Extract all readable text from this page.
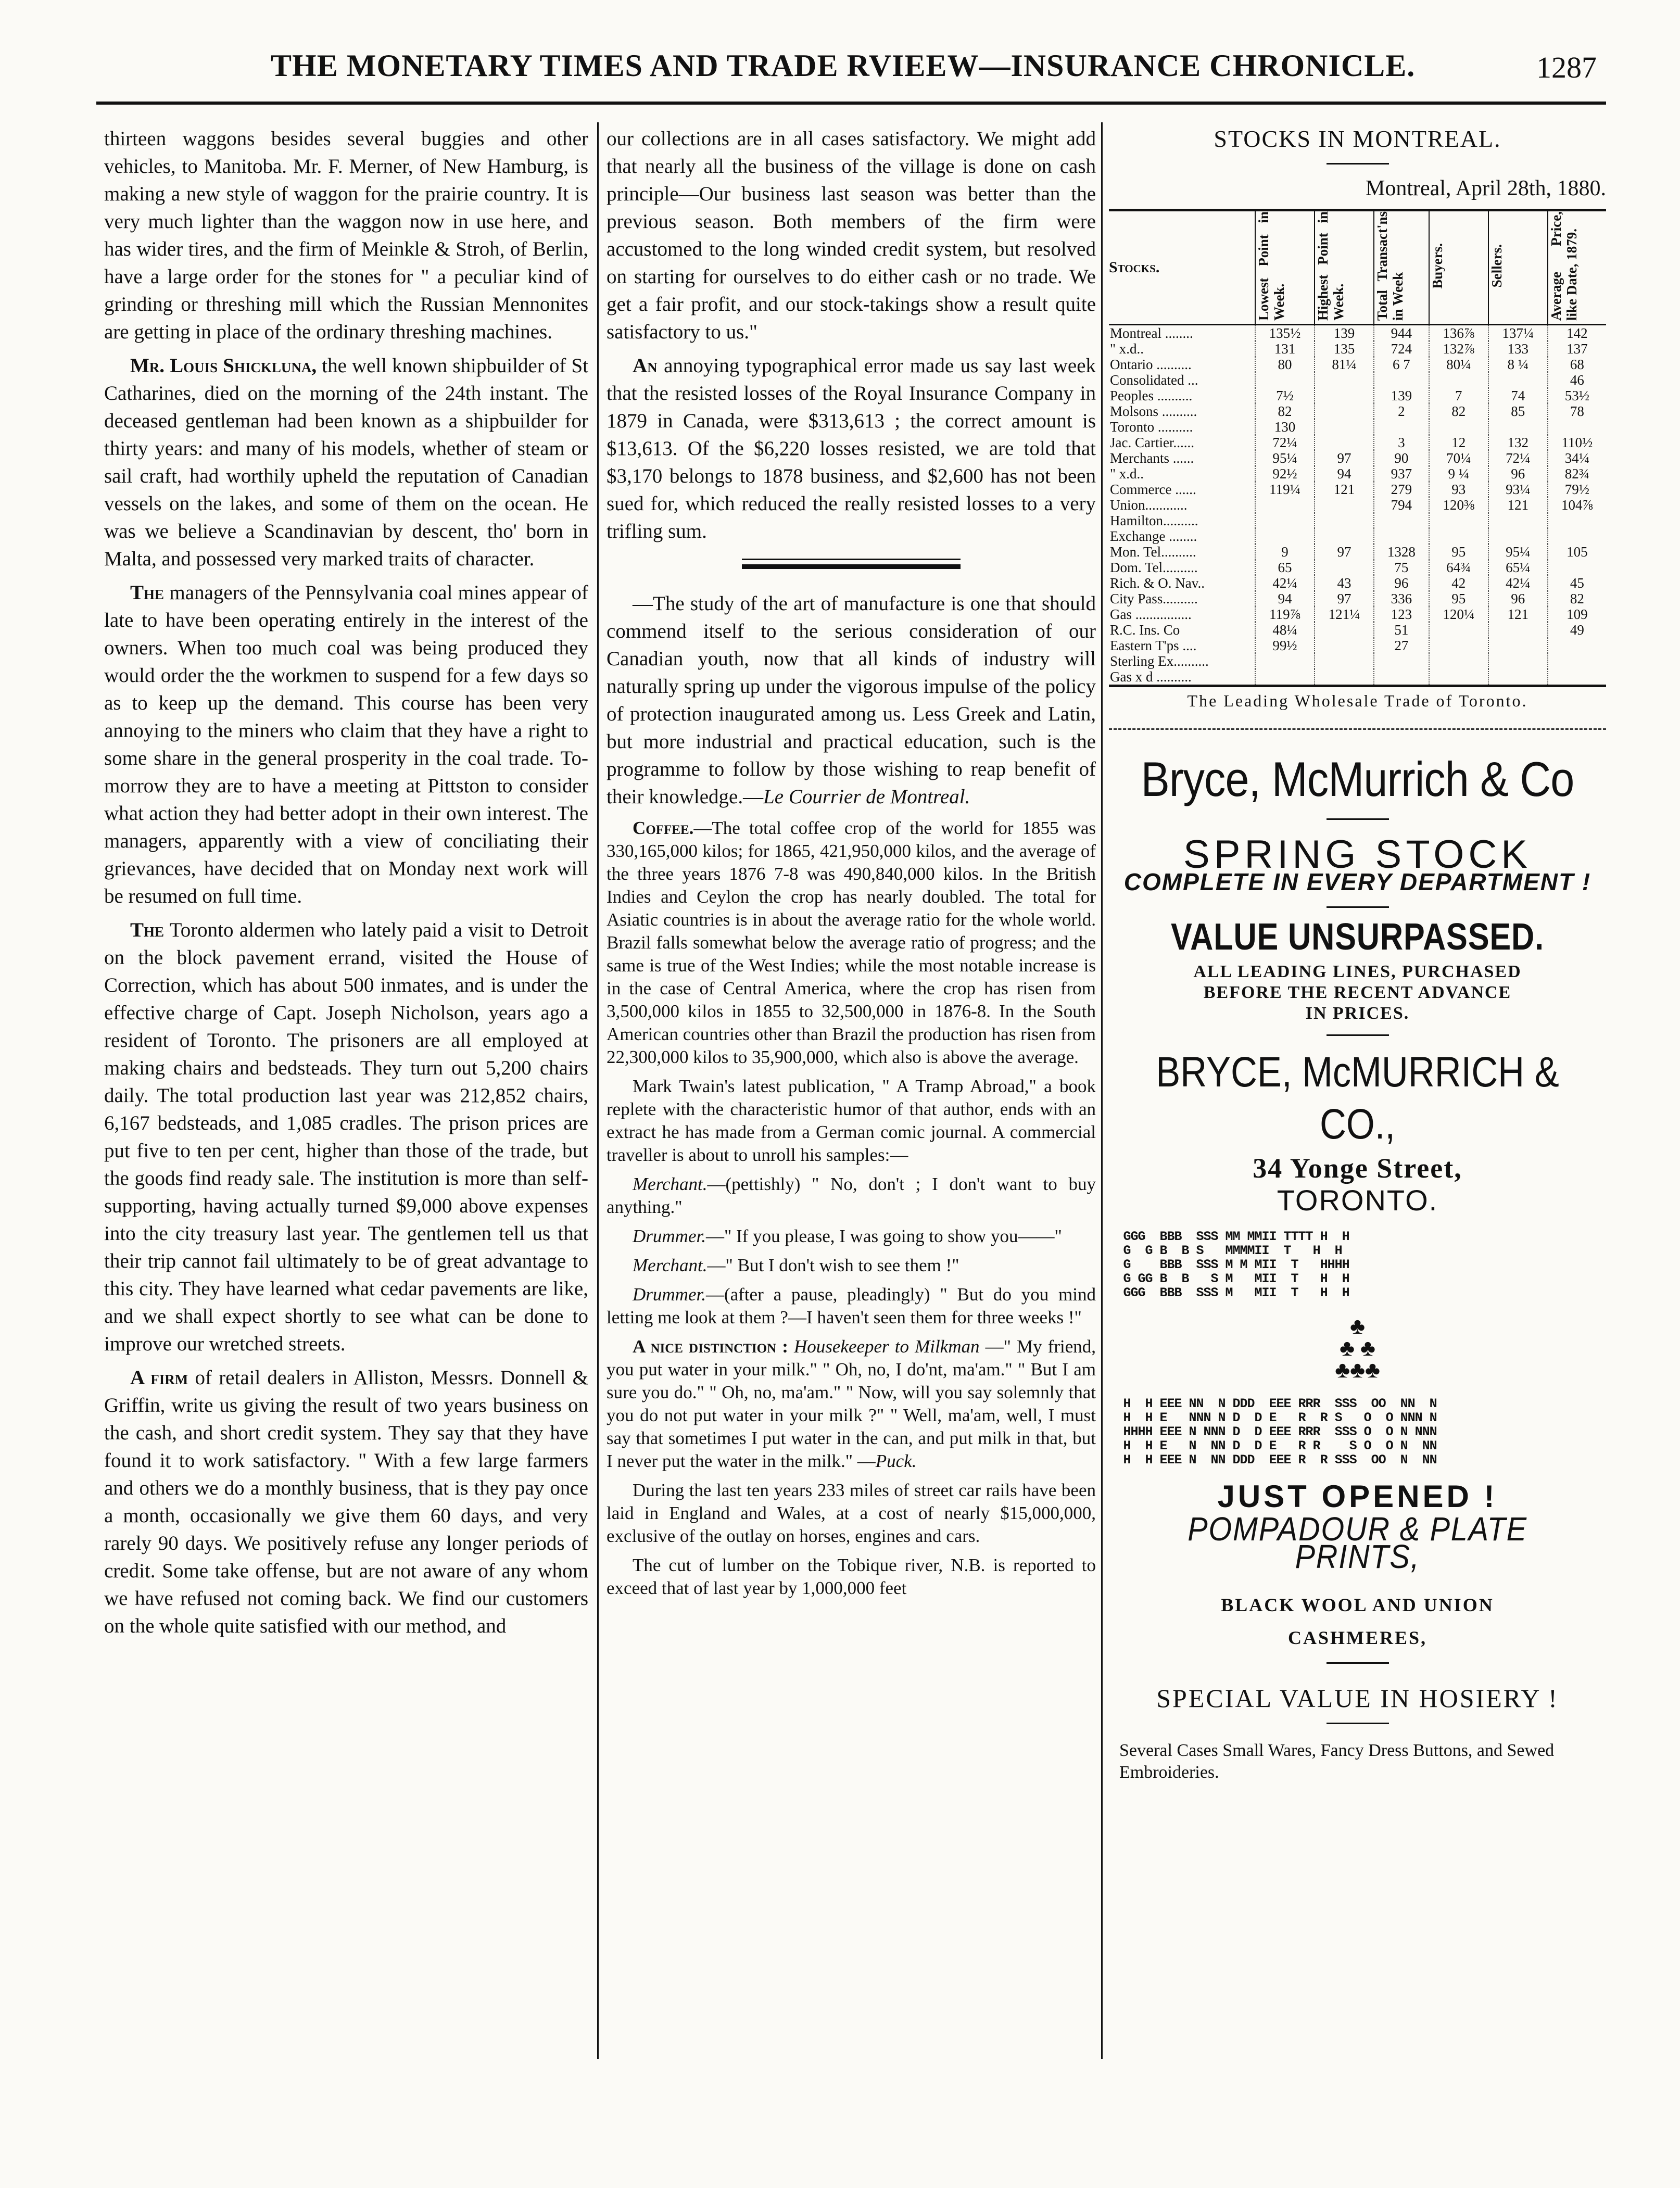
THE MONETARY TIMES AND TRADE RVIEEW—INSURANCE CHRONICLE.	1287

thirteen waggons besides several buggies and other vehicles, to Manitoba. Mr. F. Merner, of New Hamburg, is making a new style of waggon for the prairie country. It is very much lighter than the waggon now in use here, and has wider tires, and the firm of Meinkle & Stroh, of Berlin, have a large order for the stones for " a peculiar kind of grinding or threshing mill which the Russian Mennonites are getting in place of the ordinary threshing machines.

Mr. Louis Shickluna, the well known shipbuilder of St Catharines, died on the morning of the 24th instant. The deceased gentleman had been known as a shipbuilder for thirty years: and many of his models, whether of steam or sail craft, had worthily upheld the reputation of Canadian vessels on the lakes, and some of them on the ocean. He was we believe a Scandinavian by descent, tho' born in Malta, and possessed very marked traits of character.

The managers of the Pennsylvania coal mines appear of late to have been operating entirely in the interest of the owners. When too much coal was being produced they would order the the workmen to suspend for a few days so as to keep up the demand. This course has been very annoying to the miners who claim that they have a right to some share in the general prosperity in the coal trade. To-morrow they are to have a meeting at Pittston to consider what action they had better adopt in their own interest. The managers, apparently with a view of conciliating their grievances, have decided that on Monday next work will be resumed on full time.

The Toronto aldermen who lately paid a visit to Detroit on the block pavement errand, visited the House of Correction, which has about 500 inmates, and is under the effective charge of Capt. Joseph Nicholson, years ago a resident of Toronto. The prisoners are all employed at making chairs and bedsteads. They turn out 5,200 chairs daily. The total production last year was 212,852 chairs, 6,167 bedsteads, and 1,085 cradles. The prison prices are put five to ten per cent, higher than those of the trade, but the goods find ready sale. The institution is more than self-supporting, having actually turned $9,000 above expenses into the city treasury last year. The gentlemen tell us that their trip cannot fail ultimately to be of great advantage to this city. They have learned what cedar pavements are like, and we shall expect shortly to see what can be done to improve our wretched streets.

A firm of retail dealers in Alliston, Messrs. Donnell & Griffin, write us giving the result of two years business on the cash, and short credit system. They say that they have found it to work satisfactory. " With a few large farmers and others we do a monthly business, that is they pay once a month, occasionally we give them 60 days, and very rarely 90 days. We positively refuse any longer periods of credit. Some take offense, but are not aware of any whom we have refused not coming back. We find our customers on the whole quite satisfied with our method, and

our collections are in all cases satisfactory. We might add that nearly all the business of the village is done on cash principle—Our business last season was better than the previous season. Both members of the firm were accustomed to the long winded credit system, but resolved on starting for ourselves to do either cash or no trade. We get a fair profit, and our stock-takings show a result quite satisfactory to us."

An annoying typographical error made us say last week that the resisted losses of the Royal Insurance Company in 1879 in Canada, were $313,613 ; the correct amount is $13,613. Of the $6,220 losses resisted, we are told that $3,170 belongs to 1878 business, and $2,600 has not been sued for, which reduced the really resisted losses to a very trifling sum.

—The study of the art of manufacture is one that should commend itself to the serious consideration of our Canadian youth, now that all kinds of industry will naturally spring up under the vigorous impulse of the policy of protection inaugurated among us. Less Greek and Latin, but more industrial and practical education, such is the programme to follow by those wishing to reap benefit of their knowledge.—Le Courrier de Montreal.

Coffee.—The total coffee crop of the world for 1855 was 330,165,000 kilos; for 1865, 421,950,000 kilos, and the average of the three years 1876 7-8 was 490,840,000 kilos. In the British Indies and Ceylon the crop has nearly doubled. The total for Asiatic countries is in about the average ratio for the whole world. Brazil falls somewhat below the average ratio of progress; and the same is true of the West Indies; while the most notable increase is in the case of Central America, where the crop has risen from 3,500,000 kilos in 1855 to 32,500,000 in 1876-8. In the South American countries other than Brazil the production has risen from 22,300,000 kilos to 35,900,000, which also is above the average.

Mark Twain's latest publication, " A Tramp Abroad," a book replete with the characteristic humor of that author, ends with an extract he has made from a German comic journal. A commercial traveller is about to unroll his samples:—

Merchant.—(pettishly) " No, don't ; I don't want to buy anything."

Drummer.—" If you please, I was going to show you——"

Merchant.—" But I don't wish to see them !"

Drummer.—(after a pause, pleadingly) " But do you mind letting me look at them ?—I haven't seen them for three weeks !"

A nice distinction : Housekeeper to Milkman —" My friend, you put water in your milk." " Oh, no, I do'nt, ma'am." " But I am sure you do." " Oh, no, ma'am." " Now, will you say solemnly that you do not put water in your milk ?" " Well, ma'am, well, I must say that sometimes I put water in the can, and put milk in that, but I never put the water in the milk." —Puck.

During the last ten years 233 miles of street car rails have been laid in England and Wales, at a cost of nearly $15,000,000, exclusive of the outlay on horses, engines and cars.

The cut of lumber on the Tobique river, N.B. is reported to exceed that of last year by 1,000,000 feet

STOCKS IN MONTREAL.

Montreal, April 28th, 1880.

Stocks.	Lowest Point in Week.	Highest Point in Week.	Total Transact'ns in Week	Buyers.	Sellers.	Average Price, like Date, 1879.
Montreal ........	135½	139	944	136⅞	137¼	142
" x.d..	131	135	724	132⅞	133	137
Ontario ..........	80	81¼	6 7	80¼	8 ¼	68
Consolidated ...						46
Peoples ..........	7½		139	7	74	53½
Molsons ..........	82		2	82	85	78
Toronto ..........	130					
Jac. Cartier......	72¼		3	12	132	110½
Merchants ......	95¼	97	90	70¼	72¼	34¼
" x.d..	92½	94	937	9 ¼	96	82¾
Commerce ......	119¼	121	279	93	93¼	79½
Union............			794	120⅜	121	104⅞
Hamilton..........						
Exchange ........						
Mon. Tel..........	9	97	1328	95	95¼	105
Dom. Tel..........	65		75	64¾	65¼	
Rich. & O. Nav..	42¼	43	96	42	42¼	45
City Pass..........	94	97	336	95	96	82
Gas ................	119⅞	121¼	123	120¼	121	109
R.C. Ins. Co	48¼		51			49
Eastern T'ps ....	99½		27			
Sterling Ex..........						
Gas x d ..........						

The Leading Wholesale Trade of Toronto.

Bryce, McMurrich & Co
SPRING STOCK
COMPLETE IN EVERY DEPARTMENT !
VALUE UNSURPASSED.
ALL LEADING LINES, PURCHASED
BEFORE THE RECENT ADVANCE
IN PRICES.
BRYCE, McMURRICH & CO.,
34 Yonge Street,
TORONTO.
GGG  BBB  SSS MM MMII TTTT H  H
G  G B  B S   MMMMII  T   H  H
G    BBB  SSS M M MII  T   HHHH
G GG B  B   S M   MII  T   H  H
GGG  BBB  SSS M   MII  T   H  H
♣
♣ ♣
♣♣♣
H  H EEE NN  N DDD  EEE RRR  SSS  OO  NN  N
H  H E   NNN N D  D E   R  R S   O  O NNN N
HHHH EEE N NNN D  D EEE RRR  SSS O  O N NNN
H  H E   N  NN D  D E   R R    S O  O N  NN
H  H EEE N  NN DDD  EEE R  R SSS  OO  N  NN
JUST OPENED !
POMPADOUR & PLATE PRINTS,
BLACK WOOL AND UNION
CASHMERES,
SPECIAL VALUE IN HOSIERY !
Several Cases Small Wares, Fancy Dress Buttons, and Sewed Embroideries.
